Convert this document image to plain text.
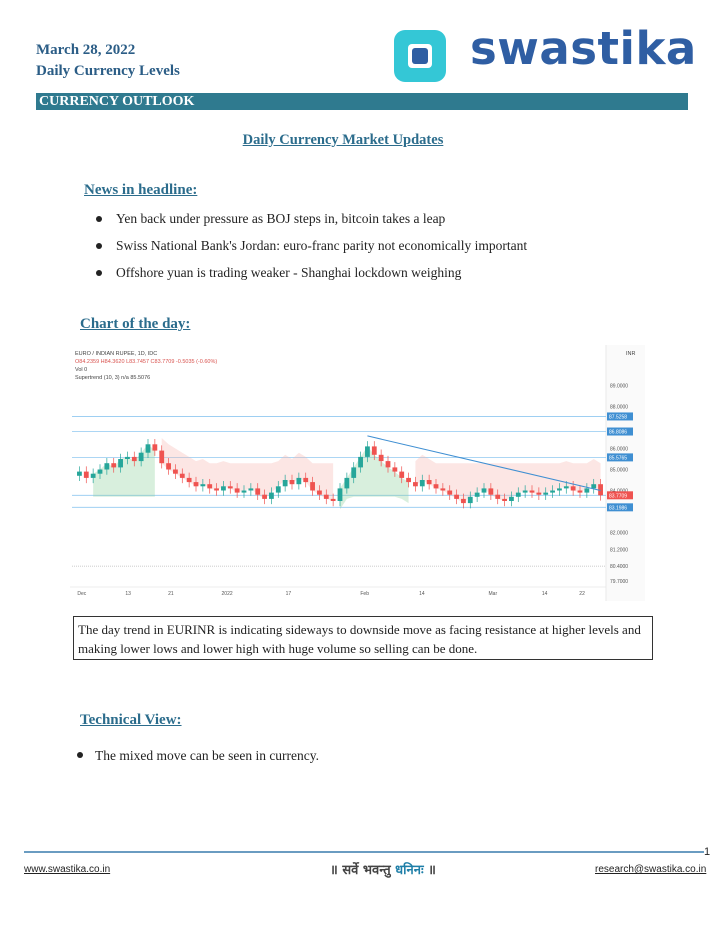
March 28, 2022
Daily Currency Levels	swastika
CURRENCY OUTLOOK
Daily Currency Market Updates
News in headline:
Yen back under pressure as BOJ steps in, bitcoin takes a leap
Swiss National Bank's Jordan: euro-franc parity not economically important
Offshore yuan is trading weaker - Shanghai lockdown weighing
Chart of the day:
89.0000
88.0000
86.0000
85.0000
82.0000
81.2000
80.4000
79.7000
87.5258
86.8086
85.5765
83.7709
83.1986
Dec	13	21	2022	17	Feb	14	Mar	14	22
EURO / INDIAN RUPEE, 1D, IDC
O84.2359 H84.3620 L83.7457 C83.7709 -0.5035 (-0.60%)
Vol 0
Supertrend (10, 3) n/a 85.5076
INR
The day trend in EURINR is indicating sideways to downside move as facing resistance at higher levels and making lower lows and lower high with huge volume so selling can be done.
Technical View:
The mixed move can be seen in currency.
1
www.swastika.co.in	॥ सर्वे भवन्तु धनिनः ॥	research@swastika.co.in
